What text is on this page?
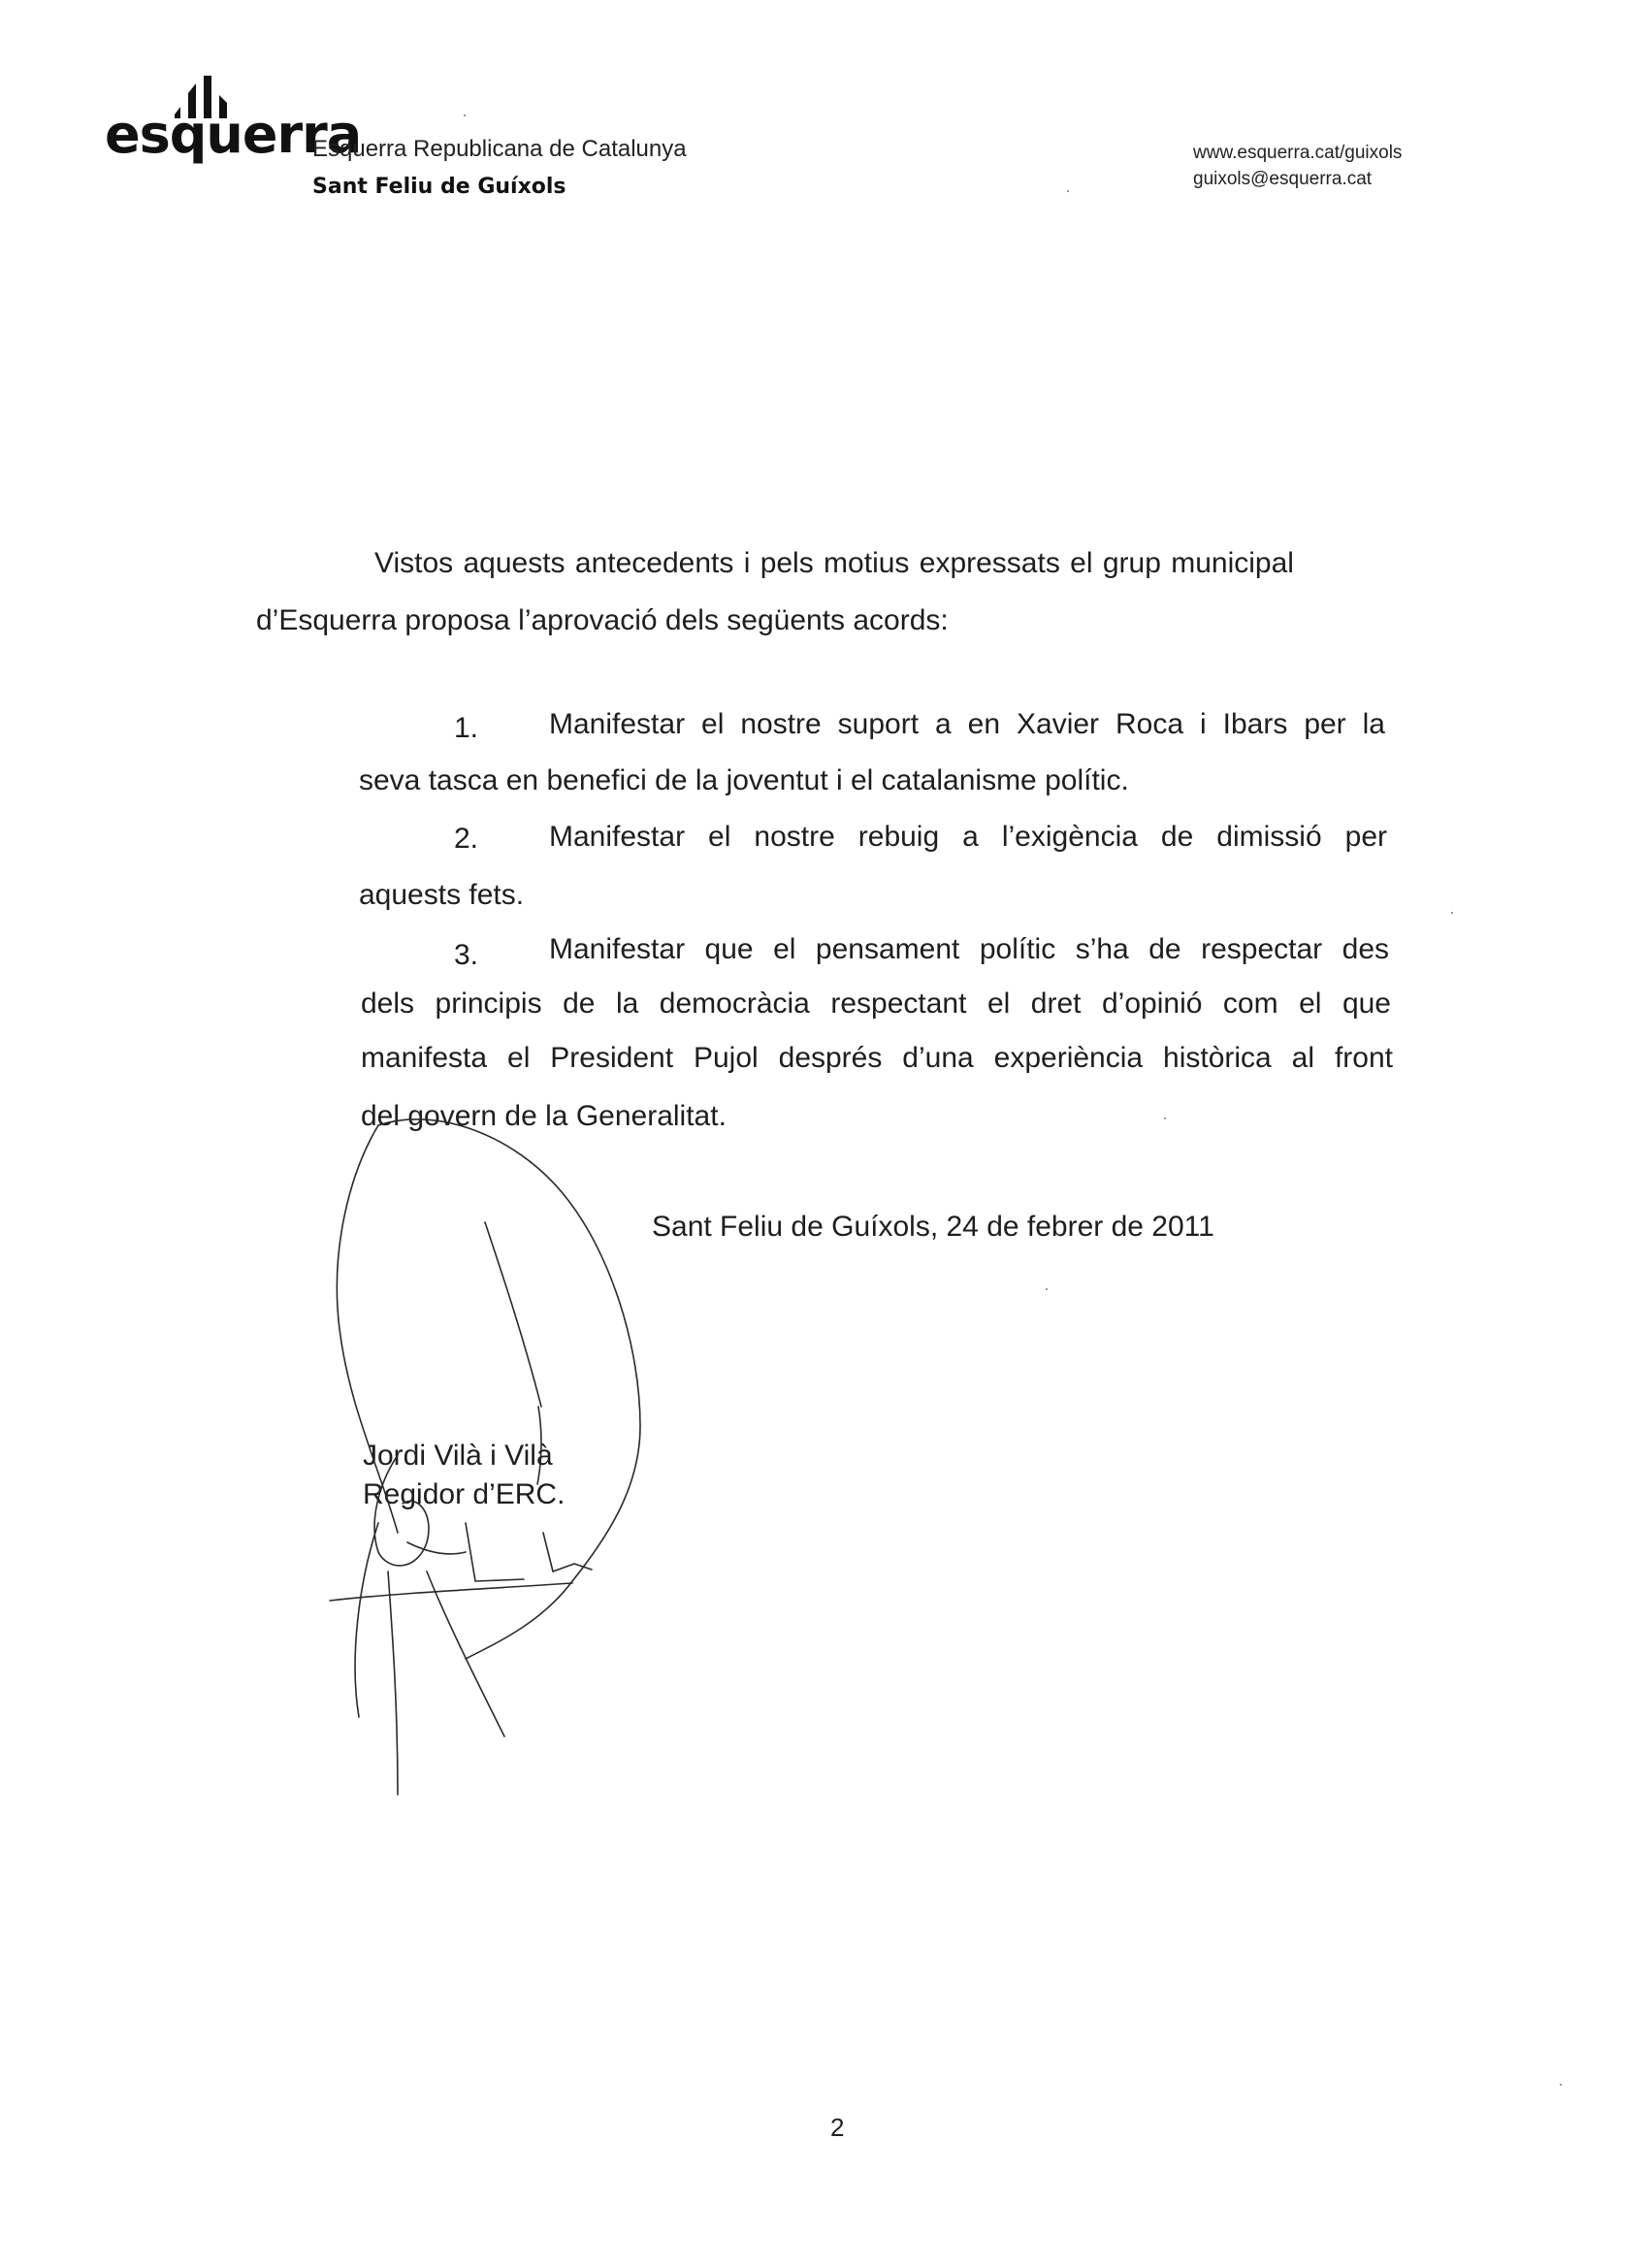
esquerra
Esquerra Republicana de Catalunya
Sant Feliu de Guíxols
www.esquerra.cat/guixols
guixols@esquerra.cat
Vistos aquests antecedents i pels motius expressats el grup municipal
d’Esquerra proposa l’aprovació dels següents acords:
1. Manifestar el nostre suport a en Xavier Roca i Ibars per la
seva tasca en benefici de la joventut i el catalanisme polític.
2. Manifestar el nostre rebuig a l’exigència de dimissió per
aquests fets.
3. Manifestar que el pensament polític s’ha de respectar des
dels principis de la democràcia respectant el dret d’opinió com el que
manifesta el President Pujol després d’una experiència històrica al front
del govern de la Generalitat.
Sant Feliu de Guíxols, 24 de febrer de 2011
Jordi Vilà i Vilà
Regidor d’ERC.
2
